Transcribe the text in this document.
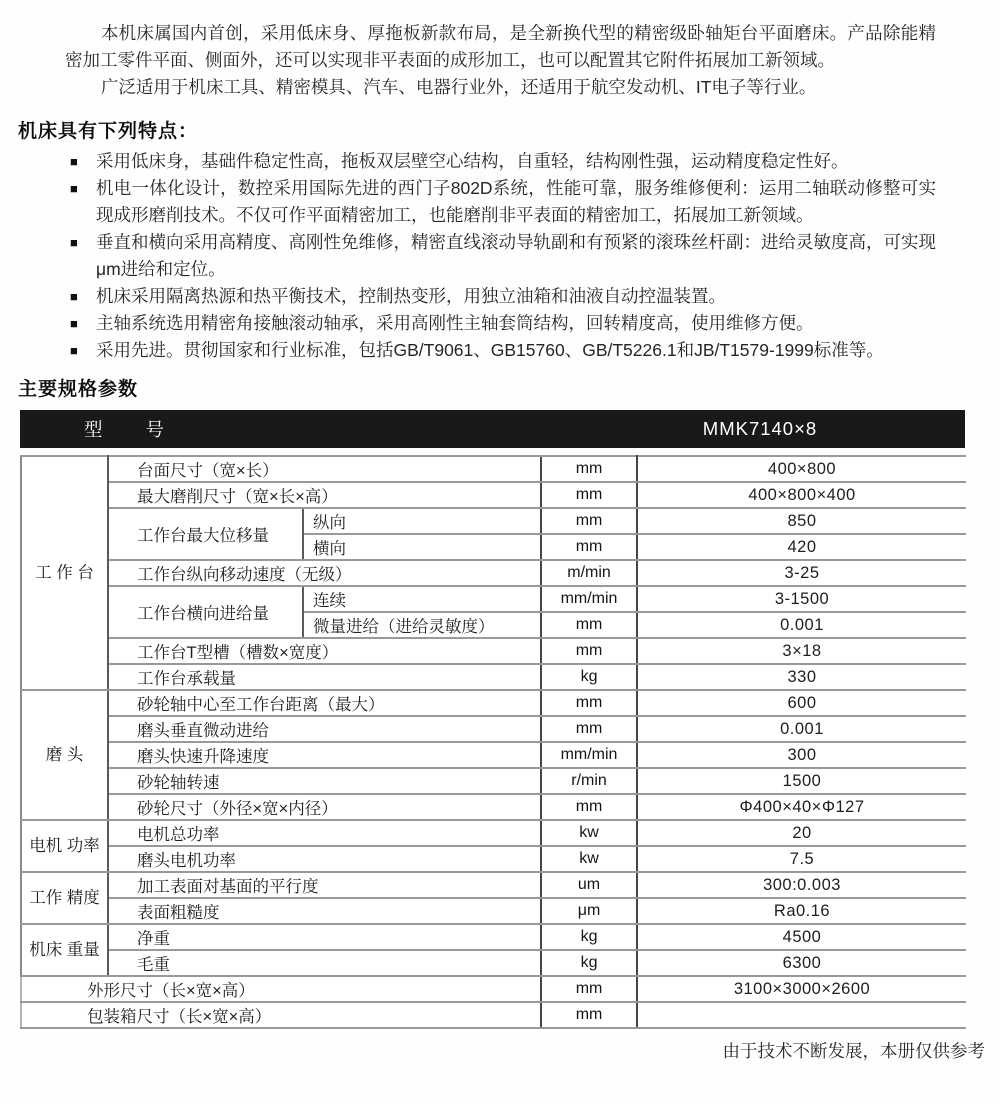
本机床属国内首创，采用低床身、厚拖板新款布局，是全新换代型的精密级卧轴矩台平面磨床。产品除能精密加工零件平面、侧面外，还可以实现非平表面的成形加工，也可以配置其它附件拓展加工新领域。

广泛适用于机床工具、精密模具、汽车、电器行业外，还适用于航空发动机、IT电子等行业。

机床具有下列特点：
■ 采用低床身，基础件稳定性高，拖板双层壁空心结构，自重轻，结构刚性强，运动精度稳定性好。
■ 机电一体化设计，数控采用国际先进的西门子802D系统，性能可靠，服务维修便利：运用二轴联动修整可实现成形磨削技术。不仅可作平面精密加工，也能磨削非平表面的精密加工，拓展加工新领域。
■ 垂直和横向采用高精度、高刚性免维修，精密直线滚动导轨副和有预紧的滚珠丝杆副：进给灵敏度高，可实现μm进给和定位。
■ 机床采用隔离热源和热平衡技术，控制热变形，用独立油箱和油液自动控温装置。
■ 主轴系统选用精密角接触滚动轴承，采用高刚性主轴套筒结构，回转精度高，使用维修方便。
■ 采用先进。贯彻国家和行业标准，包括GB/T9061、GB15760、GB/T5226.1和JB/T1579-1999标准等。
主要规格参数
型　　号	MMK7140×8
工 作 台	台面尺寸（宽×长）		mm	400×800
	最大磨削尺寸（宽×长×高）		mm	400×800×400
	工作台最大位移量	纵向	mm	850
		横向	mm	420
	工作台纵向移动速度（无级）		m/min	3-25
	工作台横向进给量	连续	mm/min	3-1500
		微量进给（进给灵敏度）	mm	0.001
	工作台T型槽（槽数×宽度）		mm	3×18
	工作台承载量		kg	330
磨 头	砂轮轴中心至工作台距离（最大）		mm	600
	磨头垂直微动进给		mm	0.001
	磨头快速升降速度		mm/min	300
	砂轮轴转速		r/min	1500
	砂轮尺寸（外径×宽×内径）		mm	Φ400×40×Φ127
电机 功率	电机总功率		kw	20
	磨头电机功率		kw	7.5
工作 精度	加工表面对基面的平行度		um	300:0.003
	表面粗糙度		μm	Ra0.16
机床 重量	净重		kg	4500
	毛重		kg	6300
外形尺寸（长×宽×高）			mm	3100×3000×2600
包装箱尺寸（长×宽×高）			mm	
由于技术不断发展，本册仅供参考
